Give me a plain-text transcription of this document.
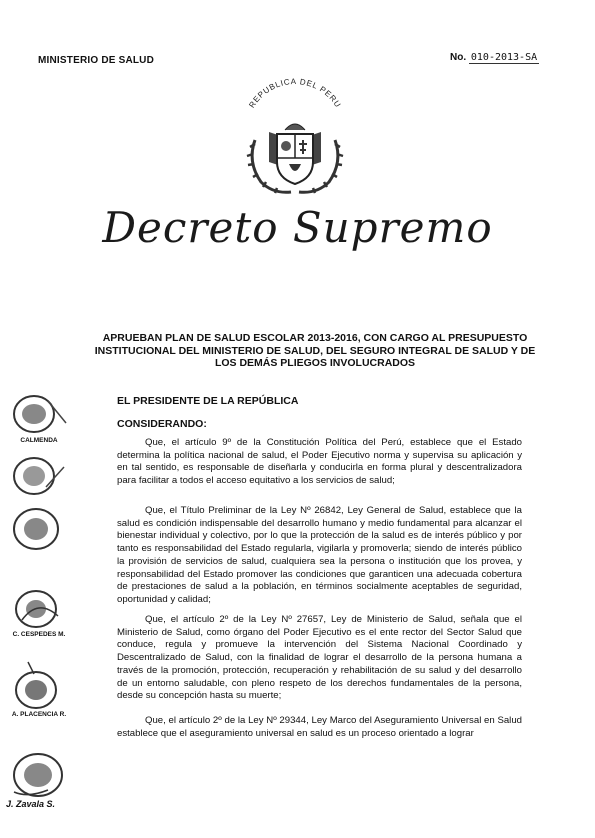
MINISTERIO DE SALUD	No. 010-2013-SA
REPUBLICA DEL PERU
Decreto Supremo
APRUEBAN PLAN DE SALUD ESCOLAR 2013-2016, CON CARGO AL PRESUPUESTO INSTITUCIONAL DEL MINISTERIO DE SALUD, DEL SEGURO INTEGRAL DE SALUD Y DE LOS DEMÁS PLIEGOS INVOLUCRADOS
EL PRESIDENTE DE LA REPÚBLICA
CONSIDERANDO:
Que, el artículo 9º de la Constitución Política del Perú, establece que el Estado determina la política nacional de salud, el Poder Ejecutivo norma y supervisa su aplicación y en tal sentido, es responsable de diseñarla y conducirla en forma plural y descentralizadora para facilitar a todos el acceso equitativo a los servicios de salud;
Que, el Título Preliminar de la Ley Nº 26842, Ley General de Salud, establece que la salud es condición indispensable del desarrollo humano y medio fundamental para alcanzar el bienestar individual y colectivo, por lo que la protección de la salud es de interés público y por tanto es responsabilidad del Estado regularla, vigilarla y promoverla; siendo de interés público la provisión de servicios de salud, cualquiera sea la persona o institución que los provea, y responsabilidad del Estado promover las condiciones que garanticen una adecuada cobertura de prestaciones de salud a la población, en términos socialmente aceptables de seguridad, oportunidad y calidad;
Que, el artículo 2º de la Ley Nº 27657, Ley de Ministerio de Salud, señala que el Ministerio de Salud, como órgano del Poder Ejecutivo es el ente rector del Sector Salud que conduce, regula y promueve la intervención del Sistema Nacional Coordinado y Descentralizado de Salud, con la finalidad de lograr el desarrollo de la persona humana a través de la promoción, protección, recuperación y rehabilitación de su salud y del desarrollo de un entorno saludable, con pleno respeto de los derechos fundamentales de la persona, desde su concepción hasta su muerte;
Que, el artículo 2º de la Ley Nº 29344, Ley Marco del Aseguramiento Universal en Salud establece que el aseguramiento universal en salud es un proceso orientado a lograr
CALMENDA
C. CESPEDES M.
A. PLACENCIA R.
J. Zavala S.
